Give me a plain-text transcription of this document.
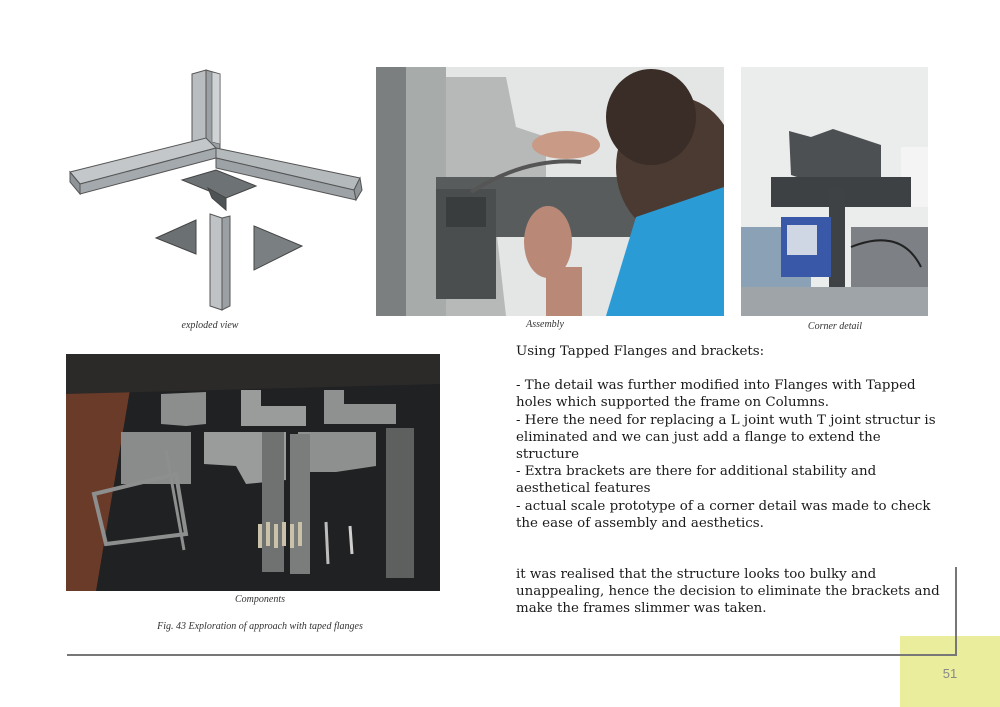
exploded view	Assembly	Corner detail
Components
Fig. 43 Exploration of approach with taped flanges

Using Tapped Flanges and brackets:

- The detail was further modified into Flanges with Tapped holes which supported the frame on Columns.

- Here the need for replacing a L joint wuth T joint structur is eliminated and we can just add a flange to extend the structure

- Extra brackets are there for additional stability and aesthetical features

- actual scale prototype of a corner detail was made to check the ease of assembly and aesthetics.

it was realised that the structure looks too bulky and unappealing, hence the decision to eliminate the brackets and make the frames slimmer was taken.

51
